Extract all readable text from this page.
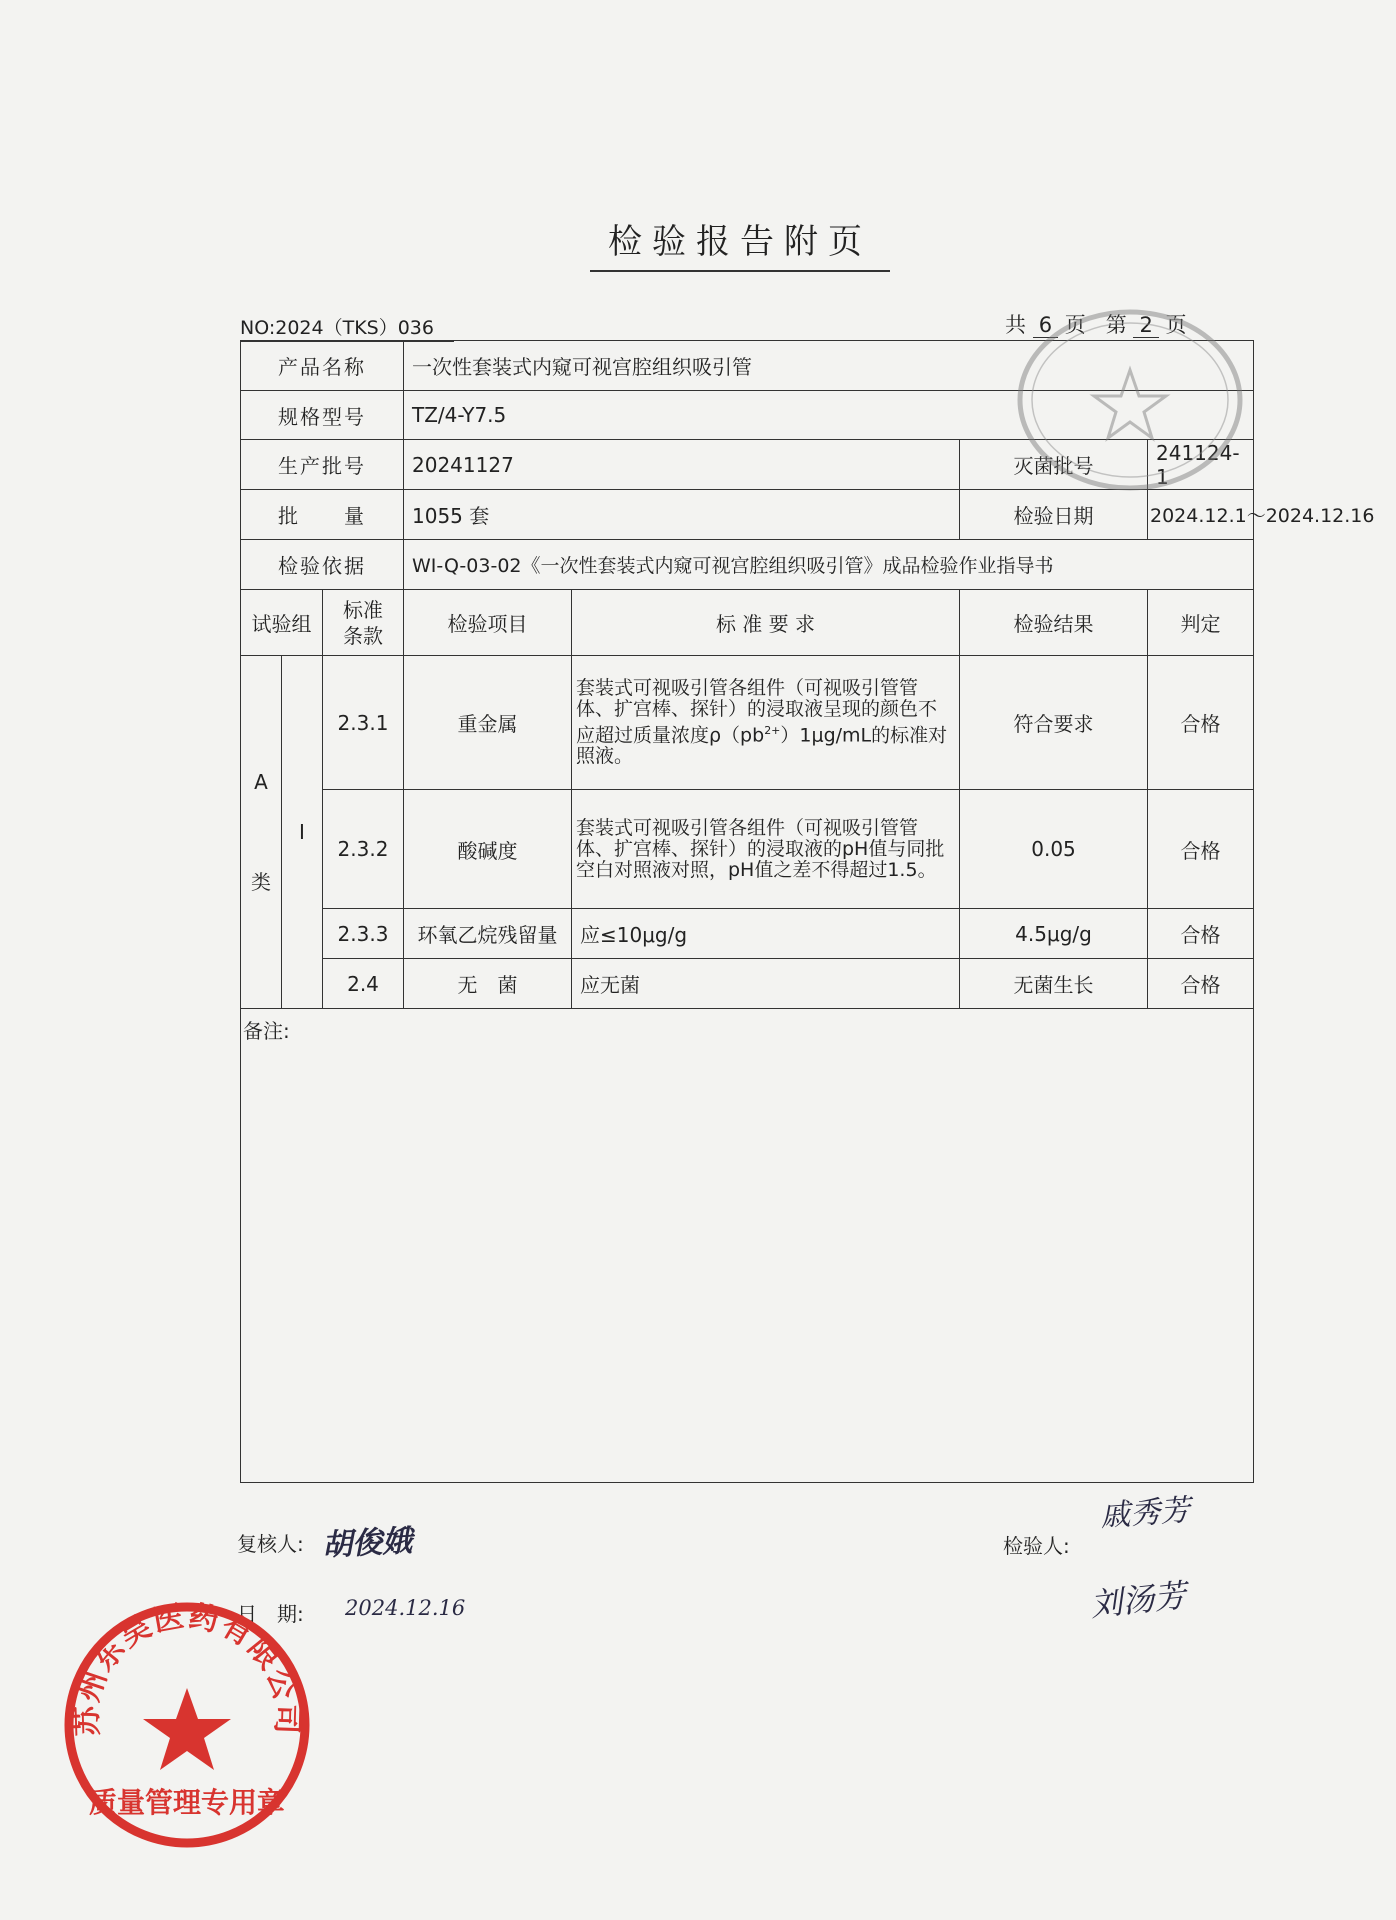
检验报告附页
NO:2024（TKS）036	共 6 页 第 2 页
产品名称			一次性套装式内窥可视宫腔组织吸引管			
规格型号			TZ/4-Y7.5			
生产批号			20241127		灭菌批号	241124-1
批　　量			1055 套		检验日期	2024.12.1～2024.12.16
检验依据			WI-Q-03-02《一次性套装式内窥可视宫腔组织吸引管》成品检验作业指导书			
试验组		标准条款	检验项目	标 准 要 求	检验结果	判定
A
类	I	2.3.1	重金属	套装式可视吸引管各组件（可视吸引管管体、扩宫棒、探针）的浸取液呈现的颜色不应超过质量浓度$\rho(pb^{2+})1\mu g/mL$的标准对照液。	符合要求	合格
		2.3.2	酸碱度	套装式可视吸引管各组件（可视吸引管管体、扩宫棒、探针）的浸取液的pH值与同批空白对照液对照，pH值之差不得超过1.5。	0.05	合格
		2.3.3	环氧乙烷残留量	应≤10μg/g	4.5μg/g	合格
		2.4	无　菌	应无菌	无菌生长	合格
备注:						
复核人: 胡俊娥
日　期: 2024.12.16
检验人:
戚秀芳
刘汤芳
苏州东吴医药有限公司
质量管理专用章
